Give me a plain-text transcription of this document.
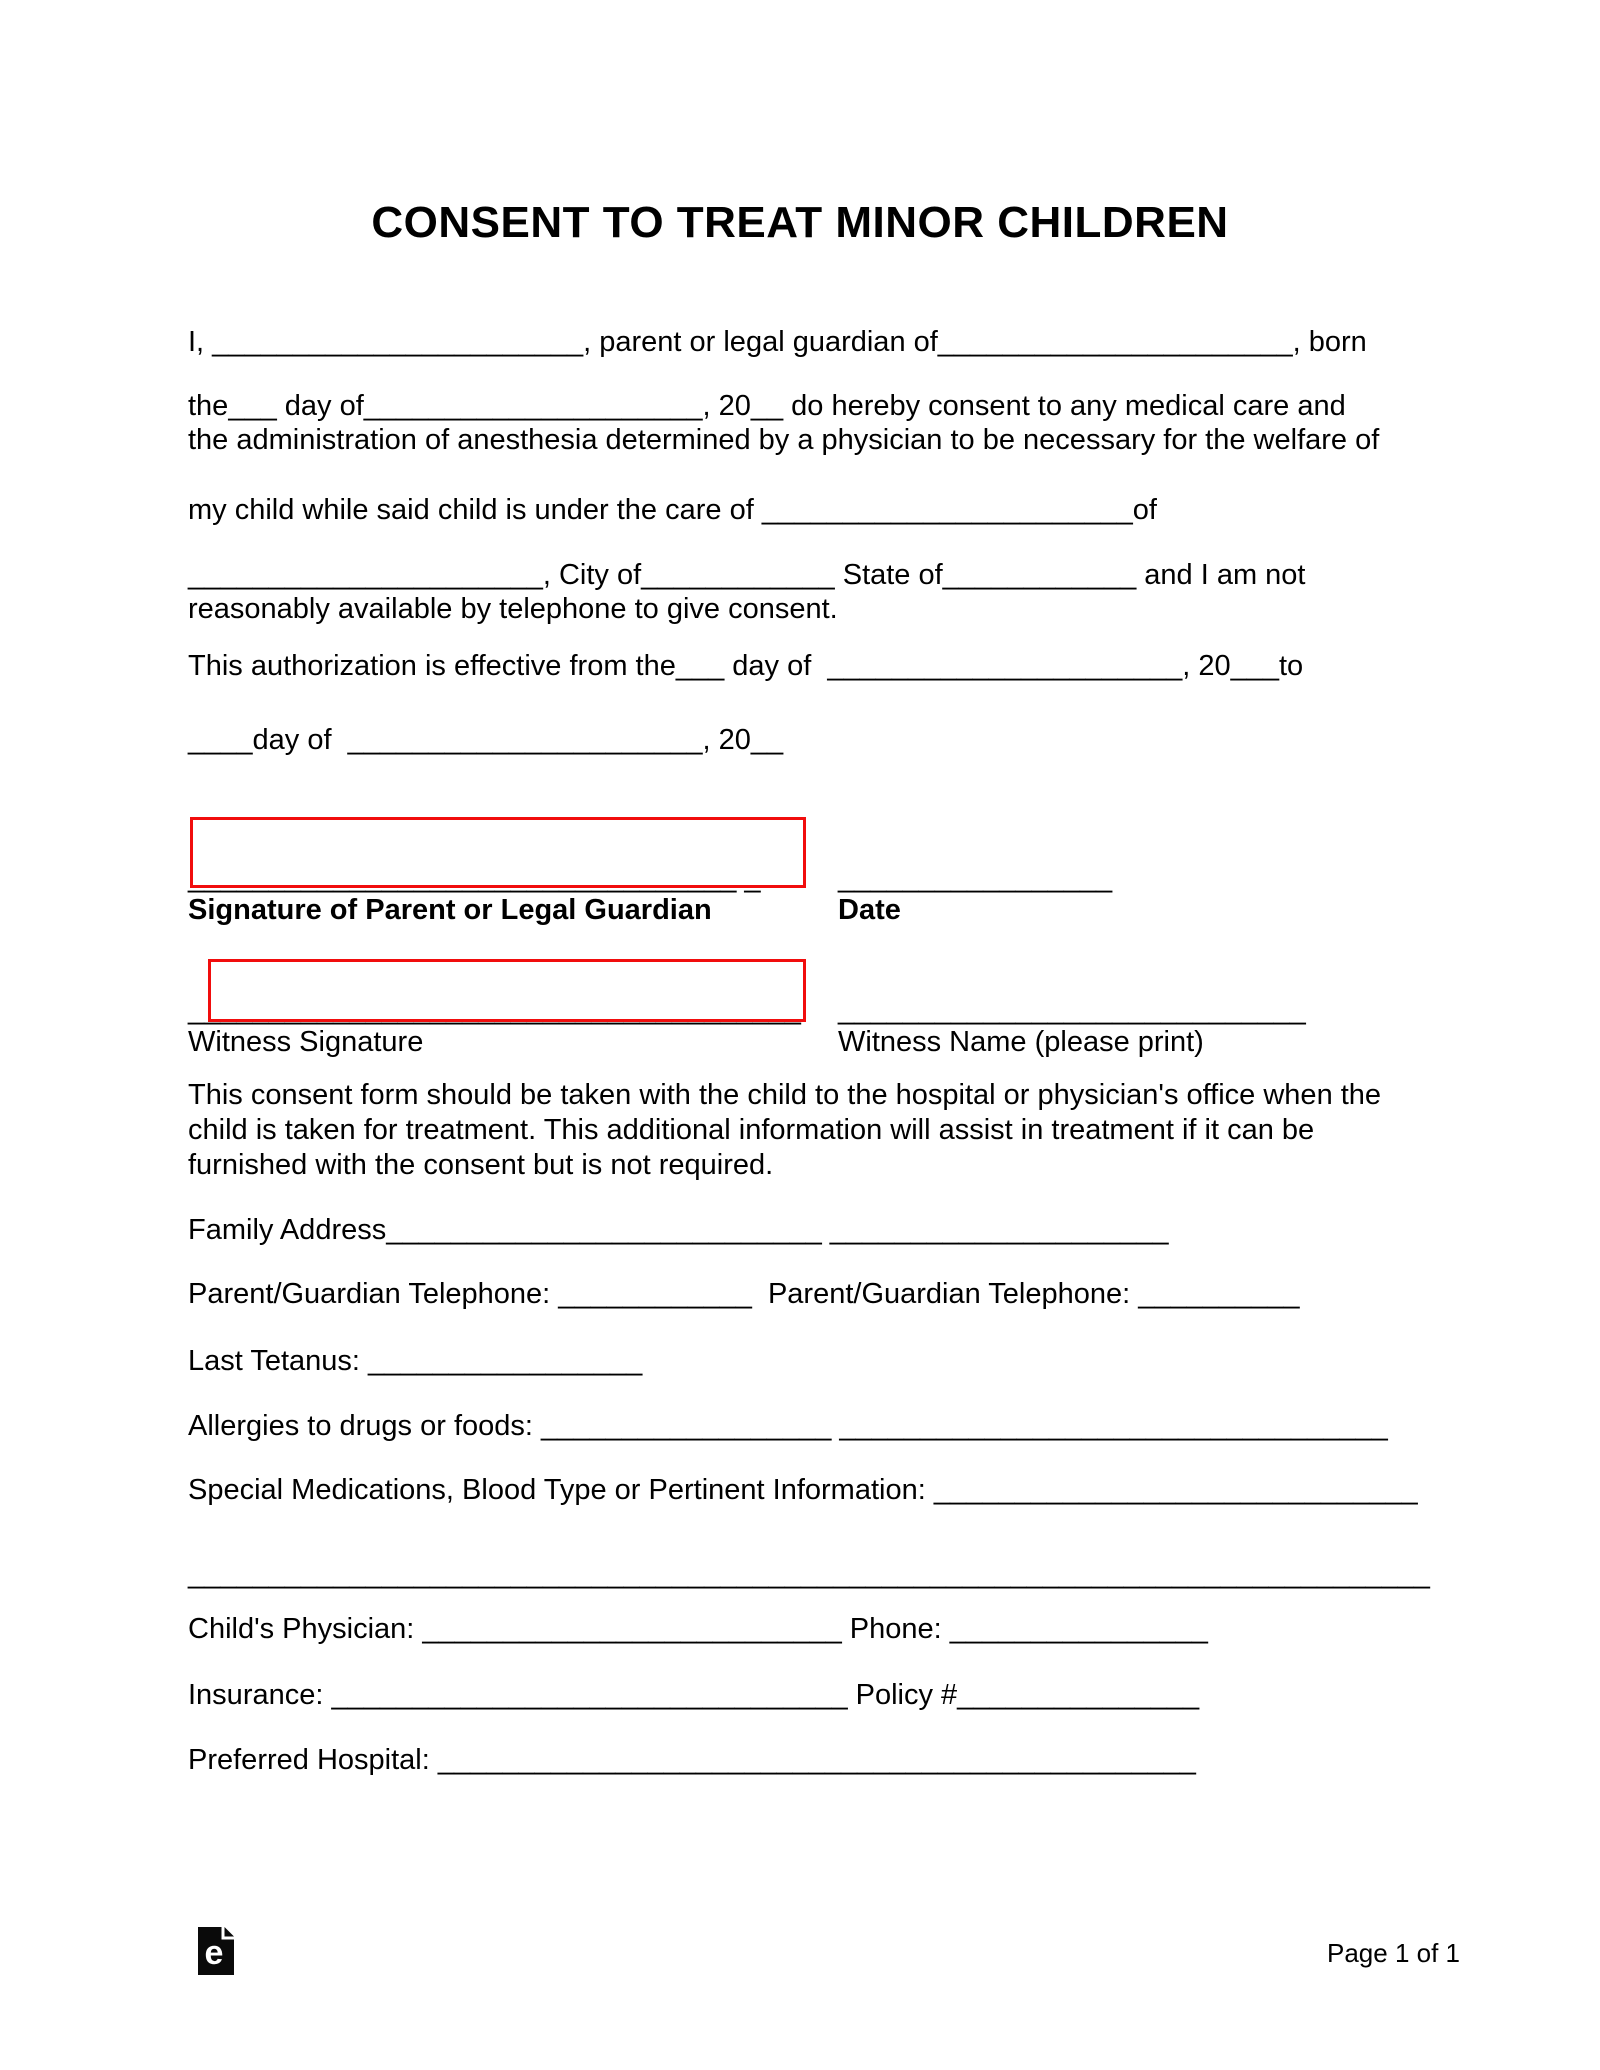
CONSENT TO TREAT MINOR CHILDREN
I, _______________________, parent or legal guardian of______________________, born
the___ day of_____________________, 20__ do hereby consent to any medical care and
the administration of anesthesia determined by a physician to be necessary for the welfare of
my child while said child is under the care of _______________________of
______________________, City of____________ State of____________ and I am not
reasonably available by telephone to give consent.
This authorization is effective from the___ day of  ______________________, 20___to
____day of  ______________________, 20__
__________________________________ _	_________________
Signature of Parent or Legal Guardian	Date
______________________________________ _____________________________
Witness Signature	Witness Name (please print)
This consent form should be taken with the child to the hospital or physician's office when the
child is taken for treatment. This additional information will assist in treatment if it can be
furnished with the consent but is not required.
Family Address___________________________ _____________________
Parent/Guardian Telephone: ____________  Parent/Guardian Telephone: __________
Last Tetanus: _________________
Allergies to drugs or foods: __________________ __________________________________
Special Medications, Blood Type or Pertinent Information: ______________________________
_____________________________________________________________________________
Child's Physician: __________________________ Phone: ________________
Insurance: ________________________________ Policy #_______________
Preferred Hospital: _______________________________________________
e	Page 1 of 1
